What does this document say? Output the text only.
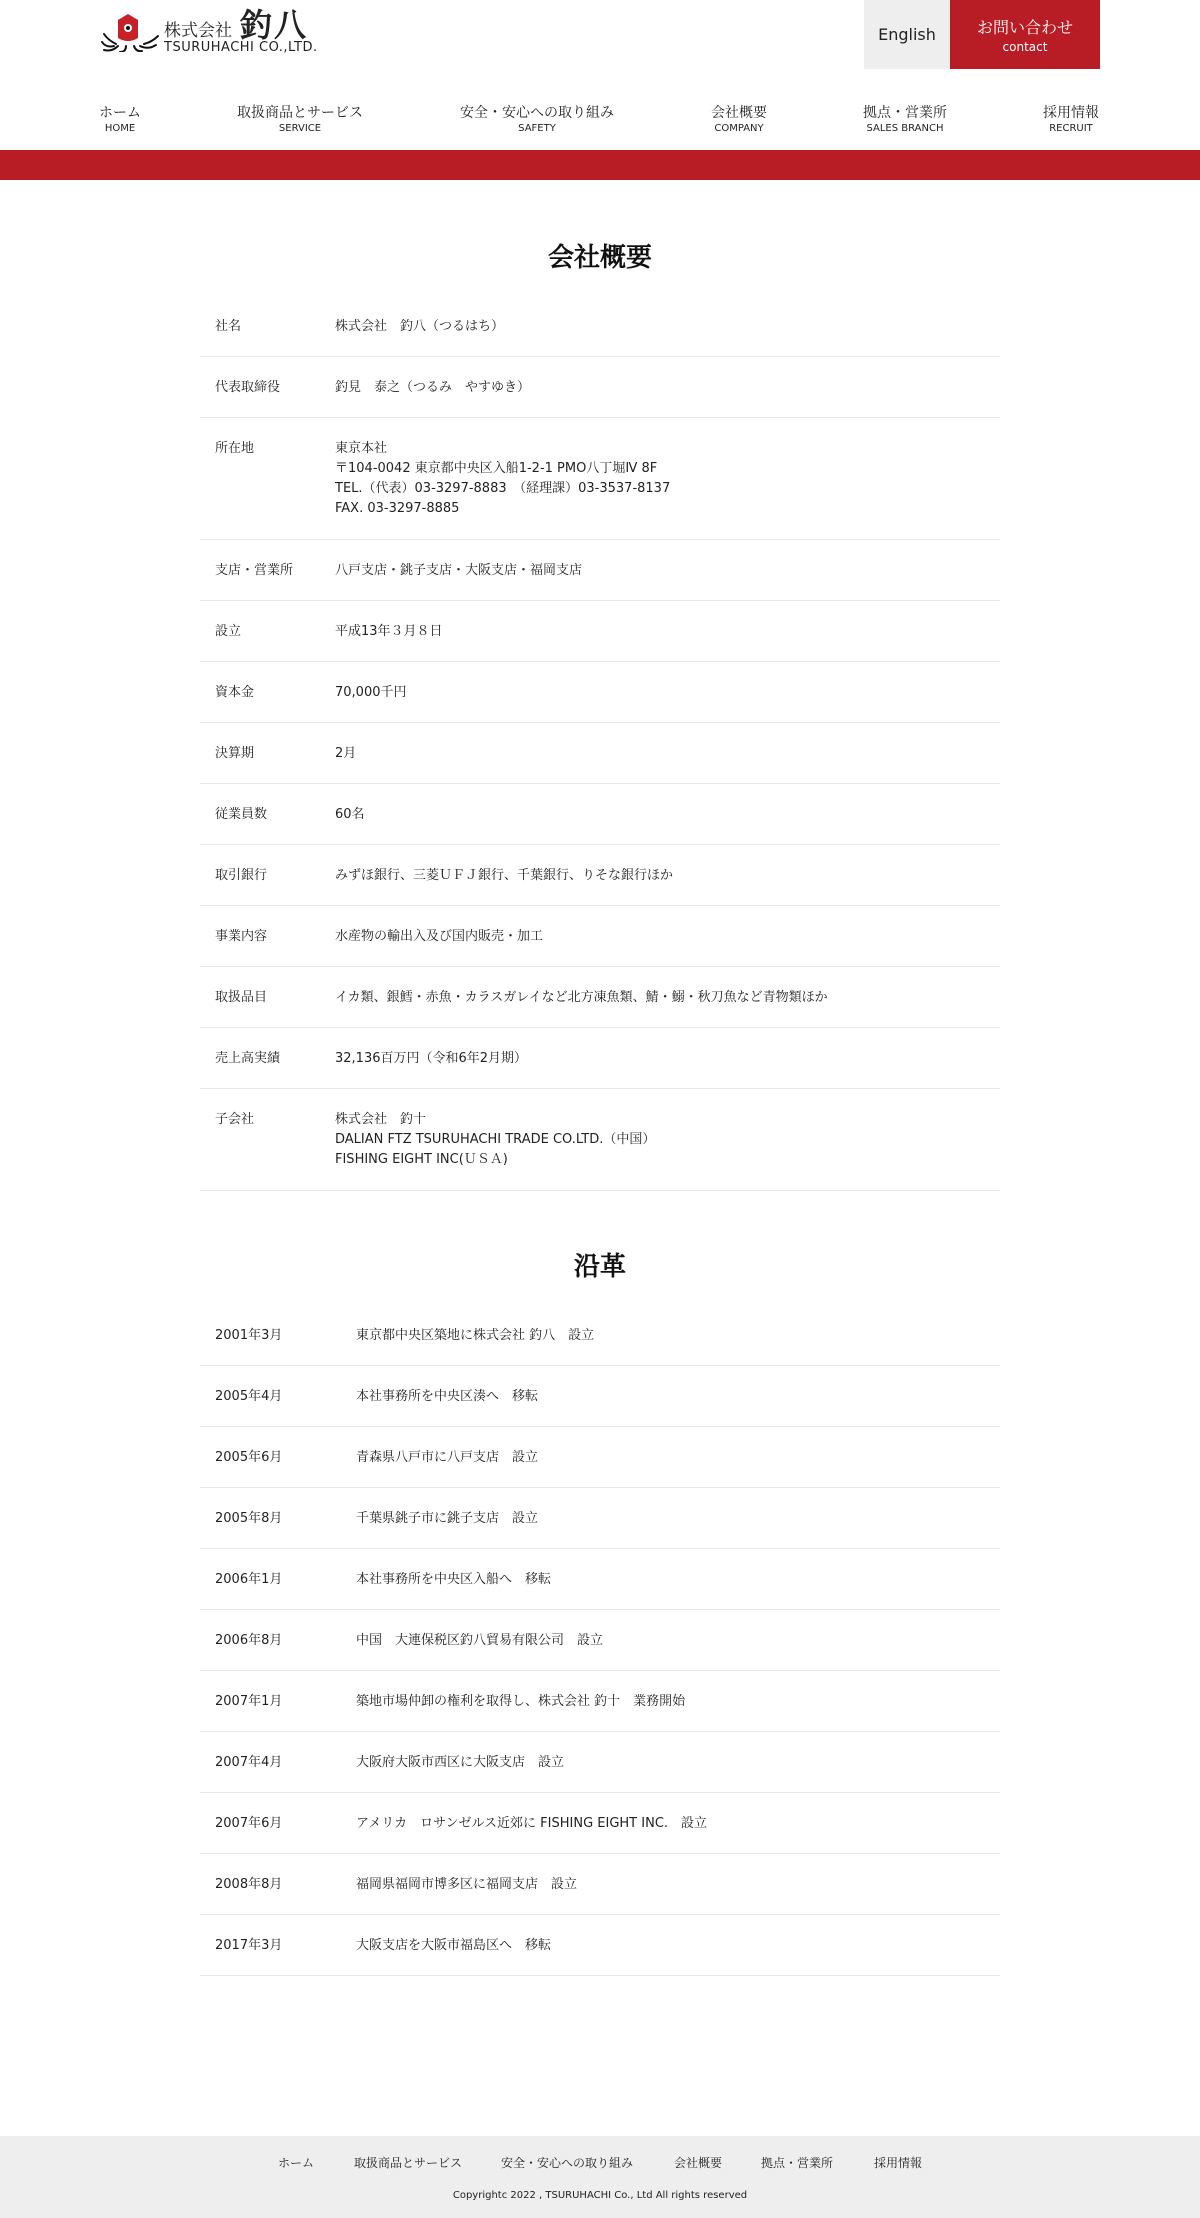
株式会社 釣八
TSURUHACHI CO.,LTD.
English	お問い合わせ
contact
ホーム
HOME
取扱商品とサービス
SERVICE
安全・安心への取り組み
SAFETY
会社概要
COMPANY
拠点・営業所
SALES BRANCH
採用情報
RECRUIT
会社概要
社名	株式会社　釣八（つるはち）
代表取締役	釣見　泰之（つるみ　やすゆき）
所在地	東京本社
〒104-0042 東京都中央区入船1-2-1 PMO八丁堀Ⅳ 8F
TEL.（代表）03-3297-8883　（経理課）03-3537-8137
FAX. 03-3297-8885
支店・営業所	八戸支店・銚子支店・大阪支店・福岡支店
設立	平成13年３月８日
資本金	70,000千円
決算期	2月
従業員数	60名
取引銀行	みずほ銀行、三菱ＵＦＪ銀行、千葉銀行、りそな銀行ほか
事業内容	水産物の輸出入及び国内販売・加工
取扱品目	イカ類、銀鱈・赤魚・カラスガレイなど北方凍魚類、鯖・鰯・秋刀魚など青物類ほか
売上高実績	32,136百万円（令和6年2月期）
子会社	株式会社　釣十
DALIAN FTZ TSURUHACHI TRADE CO.LTD.（中国）
FISHING EIGHT INC(ＵＳＡ)
沿革
2001年3月	東京都中央区築地に株式会社 釣八　設立
2005年4月	本社事務所を中央区湊へ　移転
2005年6月	青森県八戸市に八戸支店　設立
2005年8月	千葉県銚子市に銚子支店　設立
2006年1月	本社事務所を中央区入船へ　移転
2006年8月	中国　大連保税区釣八貿易有限公司　設立
2007年1月	築地市場仲卸の権利を取得し、株式会社 釣十　業務開始
2007年4月	大阪府大阪市西区に大阪支店　設立
2007年6月	アメリカ　ロサンゼルス近郊に FISHING EIGHT INC.　設立
2008年8月	福岡県福岡市博多区に福岡支店　設立
2017年3月	大阪支店を大阪市福島区へ　移転
ホーム	取扱商品とサービス	安全・安心への取り組み	会社概要	拠点・営業所	採用情報
Copyrightc 2022 , TSURUHACHI Co., Ltd All rights reserved
